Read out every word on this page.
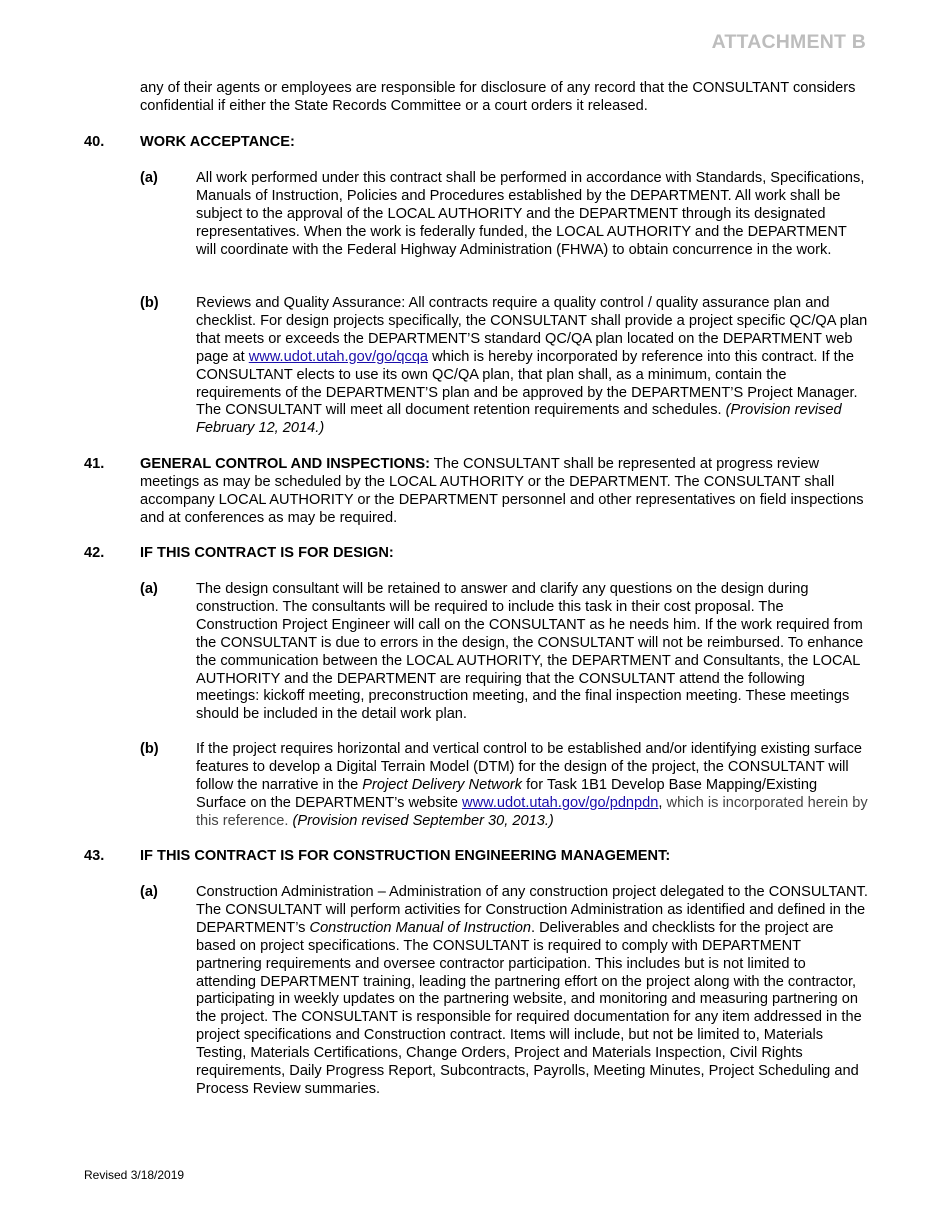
ATTACHMENT B

any of their agents or employees are responsible for disclosure of any record that the CONSULTANT considers confidential if either the State Records Committee or a court orders it released.

40. WORK ACCEPTANCE:
(a)	All work performed under this contract shall be performed in accordance with Standards, Specifications, Manuals of Instruction, Policies and Procedures established by the DEPARTMENT. All work shall be subject to the approval of the LOCAL AUTHORITY and the DEPARTMENT through its designated representatives. When the work is federally funded, the LOCAL AUTHORITY and the DEPARTMENT will coordinate with the Federal Highway Administration (FHWA) to obtain concurrence in the work.

(b)	Reviews and Quality Assurance: All contracts require a quality control / quality assurance plan and checklist. For design projects specifically, the CONSULTANT shall provide a project specific QC/QA plan that meets or exceeds the DEPARTMENT’S standard QC/QA plan located on the DEPARTMENT web page at www.udot.utah.gov/go/qcqa which is hereby incorporated by reference into this contract. If the CONSULTANT elects to use its own QC/QA plan, that plan shall, as a minimum, contain the requirements of the DEPARTMENT’S plan and be approved by the DEPARTMENT’S Project Manager. The CONSULTANT will meet all document retention requirements and schedules. (Provision revised February 12, 2014.)

41. GENERAL CONTROL AND INSPECTIONS: The CONSULTANT shall be represented at progress review meetings as may be scheduled by the LOCAL AUTHORITY or the DEPARTMENT. The CONSULTANT shall accompany LOCAL AUTHORITY or the DEPARTMENT personnel and other representatives on field inspections and at conferences as may be required.

42. IF THIS CONTRACT IS FOR DESIGN:
(a)	The design consultant will be retained to answer and clarify any questions on the design during construction. The consultants will be required to include this task in their cost proposal. The Construction Project Engineer will call on the CONSULTANT as he needs him. If the work required from the CONSULTANT is due to errors in the design, the CONSULTANT will not be reimbursed. To enhance the communication between the LOCAL AUTHORITY, the DEPARTMENT and Consultants, the LOCAL AUTHORITY and the DEPARTMENT are requiring that the CONSULTANT attend the following meetings: kickoff meeting, preconstruction meeting, and the final inspection meeting. These meetings should be included in the detail work plan.

(b)	If the project requires horizontal and vertical control to be established and/or identifying existing surface features to develop a Digital Terrain Model (DTM) for the design of the project, the CONSULTANT will follow the narrative in the Project Delivery Network for Task 1B1 Develop Base Mapping/Existing Surface on the DEPARTMENT’s website www.udot.utah.gov/go/pdnpdn, which is incorporated herein by this reference. (Provision revised September 30, 2013.)

43. IF THIS CONTRACT IS FOR CONSTRUCTION ENGINEERING MANAGEMENT:
(a)	Construction Administration – Administration of any construction project delegated to the CONSULTANT. The CONSULTANT will perform activities for Construction Administration as identified and defined in the DEPARTMENT’s Construction Manual of Instruction. Deliverables and checklists for the project are based on project specifications. The CONSULTANT is required to comply with DEPARTMENT partnering requirements and oversee contractor participation. This includes but is not limited to attending DEPARTMENT training, leading the partnering effort on the project along with the contractor, participating in weekly updates on the partnering website, and monitoring and measuring partnering on the project. The CONSULTANT is responsible for required documentation for any item addressed in the project specifications and Construction contract. Items will include, but not be limited to, Materials Testing, Materials Certifications, Change Orders, Project and Materials Inspection, Civil Rights requirements, Daily Progress Report, Subcontracts, Payrolls, Meeting Minutes, Project Scheduling and Process Review summaries.

Revised 3/18/2019
